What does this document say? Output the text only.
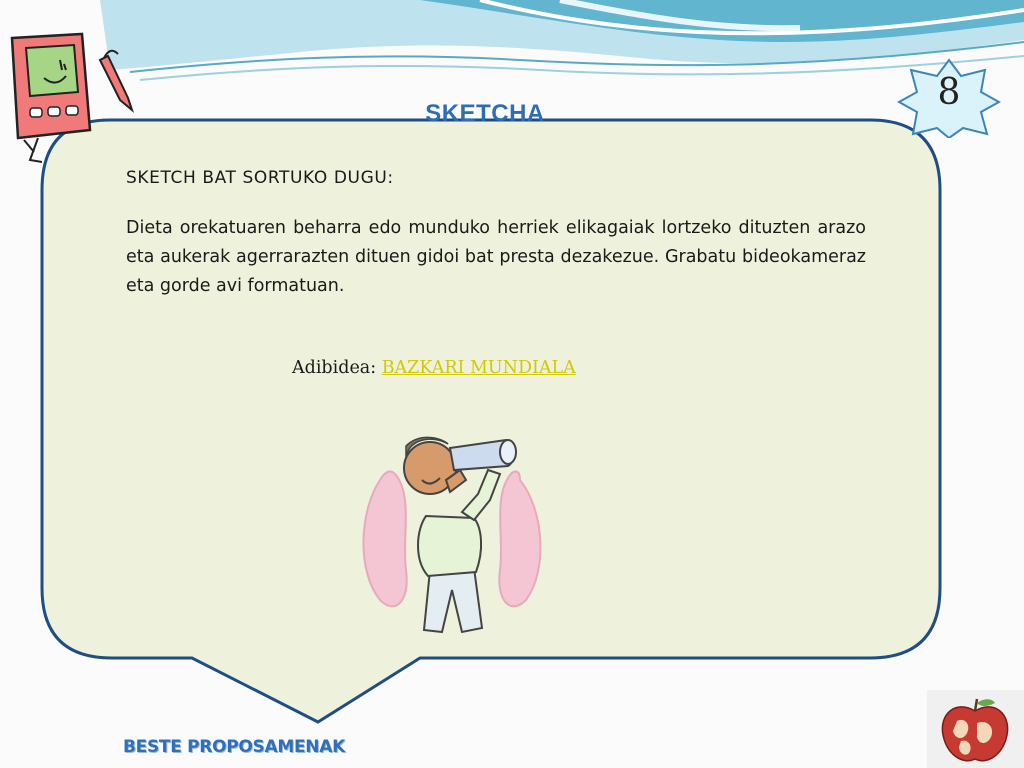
SKETCHA
8

SKETCH BAT SORTUKO DUGU:

Dieta orekatuaren beharra edo munduko herriek elikagaiak lortzeko dituzten arazo eta aukerak agerrarazten dituen gidoi bat presta dezakezue. Grabatu bideokameraz eta gorde avi formatuan.

Adibidea: BAZKARI MUNDIALA
BESTE PROPOSAMENAK
